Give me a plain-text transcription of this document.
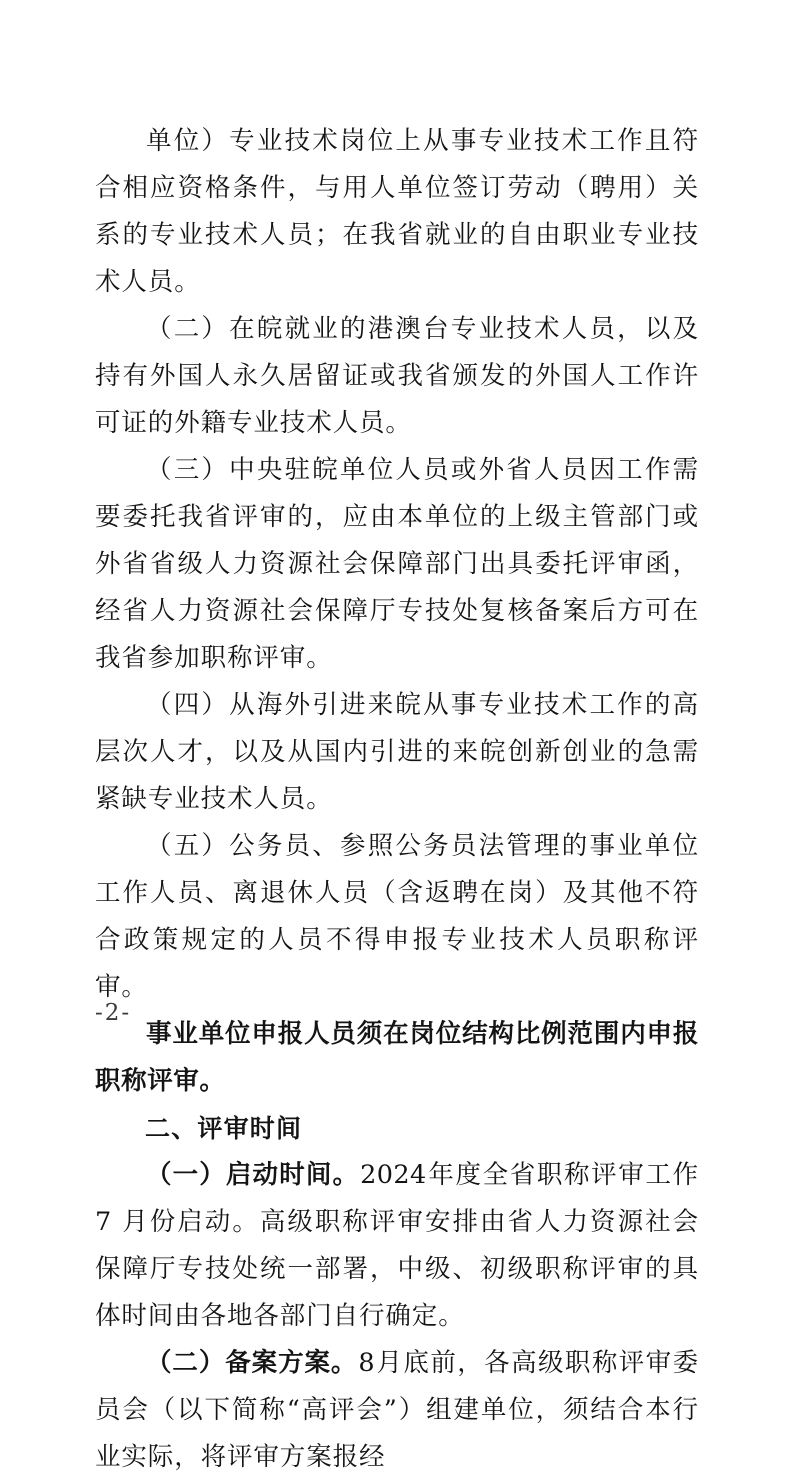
单位）专业技术岗位上从事专业技术工作且符合相应资格条件，与用人单位签订劳动（聘用）关系的专业技术人员；在我省就业的自由职业专业技术人员。

（二）在皖就业的港澳台专业技术人员，以及持有外国人永久居留证或我省颁发的外国人工作许可证的外籍专业技术人员。

（三）中央驻皖单位人员或外省人员因工作需要委托我省评审的，应由本单位的上级主管部门或外省省级人力资源社会保障部门出具委托评审函，经省人力资源社会保障厅专技处复核备案后方可在我省参加职称评审。

（四）从海外引进来皖从事专业技术工作的高层次人才，以及从国内引进的来皖创新创业的急需紧缺专业技术人员。

（五）公务员、参照公务员法管理的事业单位工作人员、离退休人员（含返聘在岗）及其他不符合政策规定的人员不得申报专业技术人员职称评审。

事业单位申报人员须在岗位结构比例范围内申报职称评审。

二、评审时间

（一）启动时间。2024年度全省职称评审工作 7 月份启动。高级职称评审安排由省人力资源社会保障厅专技处统一部署，中级、初级职称评审的具体时间由各地各部门自行确定。

（二）备案方案。8月底前，各高级职称评审委员会（以下简称“高评会”）组建单位，须结合本行业实际，将评审方案报经

-2-
